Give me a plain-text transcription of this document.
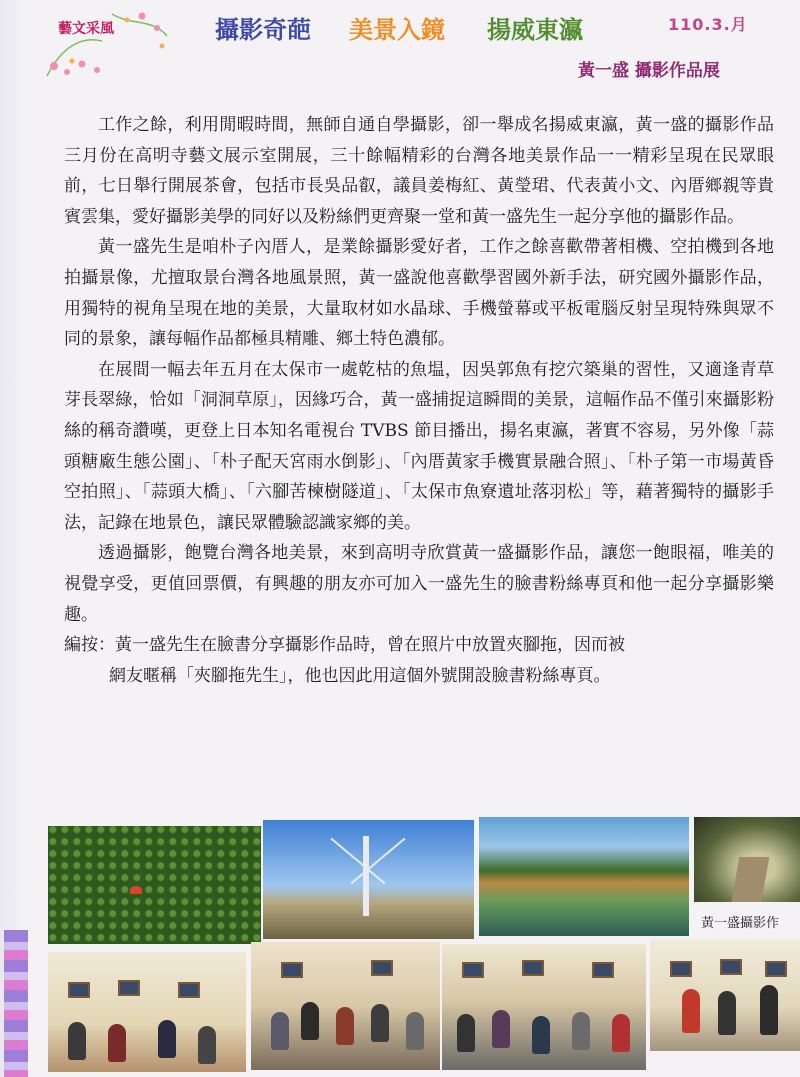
藝文采風	攝影奇葩 美景入鏡 揚威東瀛	110.3.月
黃一盛 攝影作品展

工作之餘，利用閒暇時間，無師自通自學攝影，卻一舉成名揚威東瀛，黃一盛的攝影作品三月份在高明寺藝文展示室開展，三十餘幅精彩的台灣各地美景作品一一精彩呈現在民眾眼前，七日舉行開展茶會，包括市長吳品叡，議員姜梅紅、黃瑩珺、代表黃小文、內厝鄉親等貴賓雲集，愛好攝影美學的同好以及粉絲們更齊聚一堂和黃一盛先生一起分享他的攝影作品。

黃一盛先生是咱朴子內厝人，是業餘攝影愛好者，工作之餘喜歡帶著相機、空拍機到各地拍攝景像，尤擅取景台灣各地風景照，黃一盛說他喜歡學習國外新手法，研究國外攝影作品，用獨特的視角呈現在地的美景，大量取材如水晶球、手機螢幕或平板電腦反射呈現特殊與眾不同的景象，讓每幅作品都極具精雕、鄉土特色濃郁。

在展間一幅去年五月在太保市一處乾枯的魚塭，因吳郭魚有挖穴築巢的習性，又適逢青草芽長翠綠，恰如「洞洞草原」，因緣巧合，黃一盛捕捉這瞬間的美景，這幅作品不僅引來攝影粉絲的稱奇讚嘆，更登上日本知名電視台 TVBS 節目播出，揚名東瀛，著實不容易，另外像「蒜頭糖廠生態公園」、「朴子配天宮雨水倒影」、「內厝黃家手機實景融合照」、「朴子第一市場黃昏空拍照」、「蒜頭大橋」、「六腳苦楝樹隧道」、「太保市魚寮遺址落羽松」等，藉著獨特的攝影手法，記錄在地景色，讓民眾體驗認識家鄉的美。

透過攝影，飽覽台灣各地美景，來到高明寺欣賞黃一盛攝影作品，讓您一飽眼福，唯美的視覺享受，更值回票價，有興趣的朋友亦可加入一盛先生的臉書粉絲專頁和他一起分享攝影樂趣。

編按：黃一盛先生在臉書分享攝影作品時，曾在照片中放置夾腳拖，因而被

網友暱稱「夾腳拖先生」，他也因此用這個外號開設臉書粉絲專頁。

黃一盛攝影作
